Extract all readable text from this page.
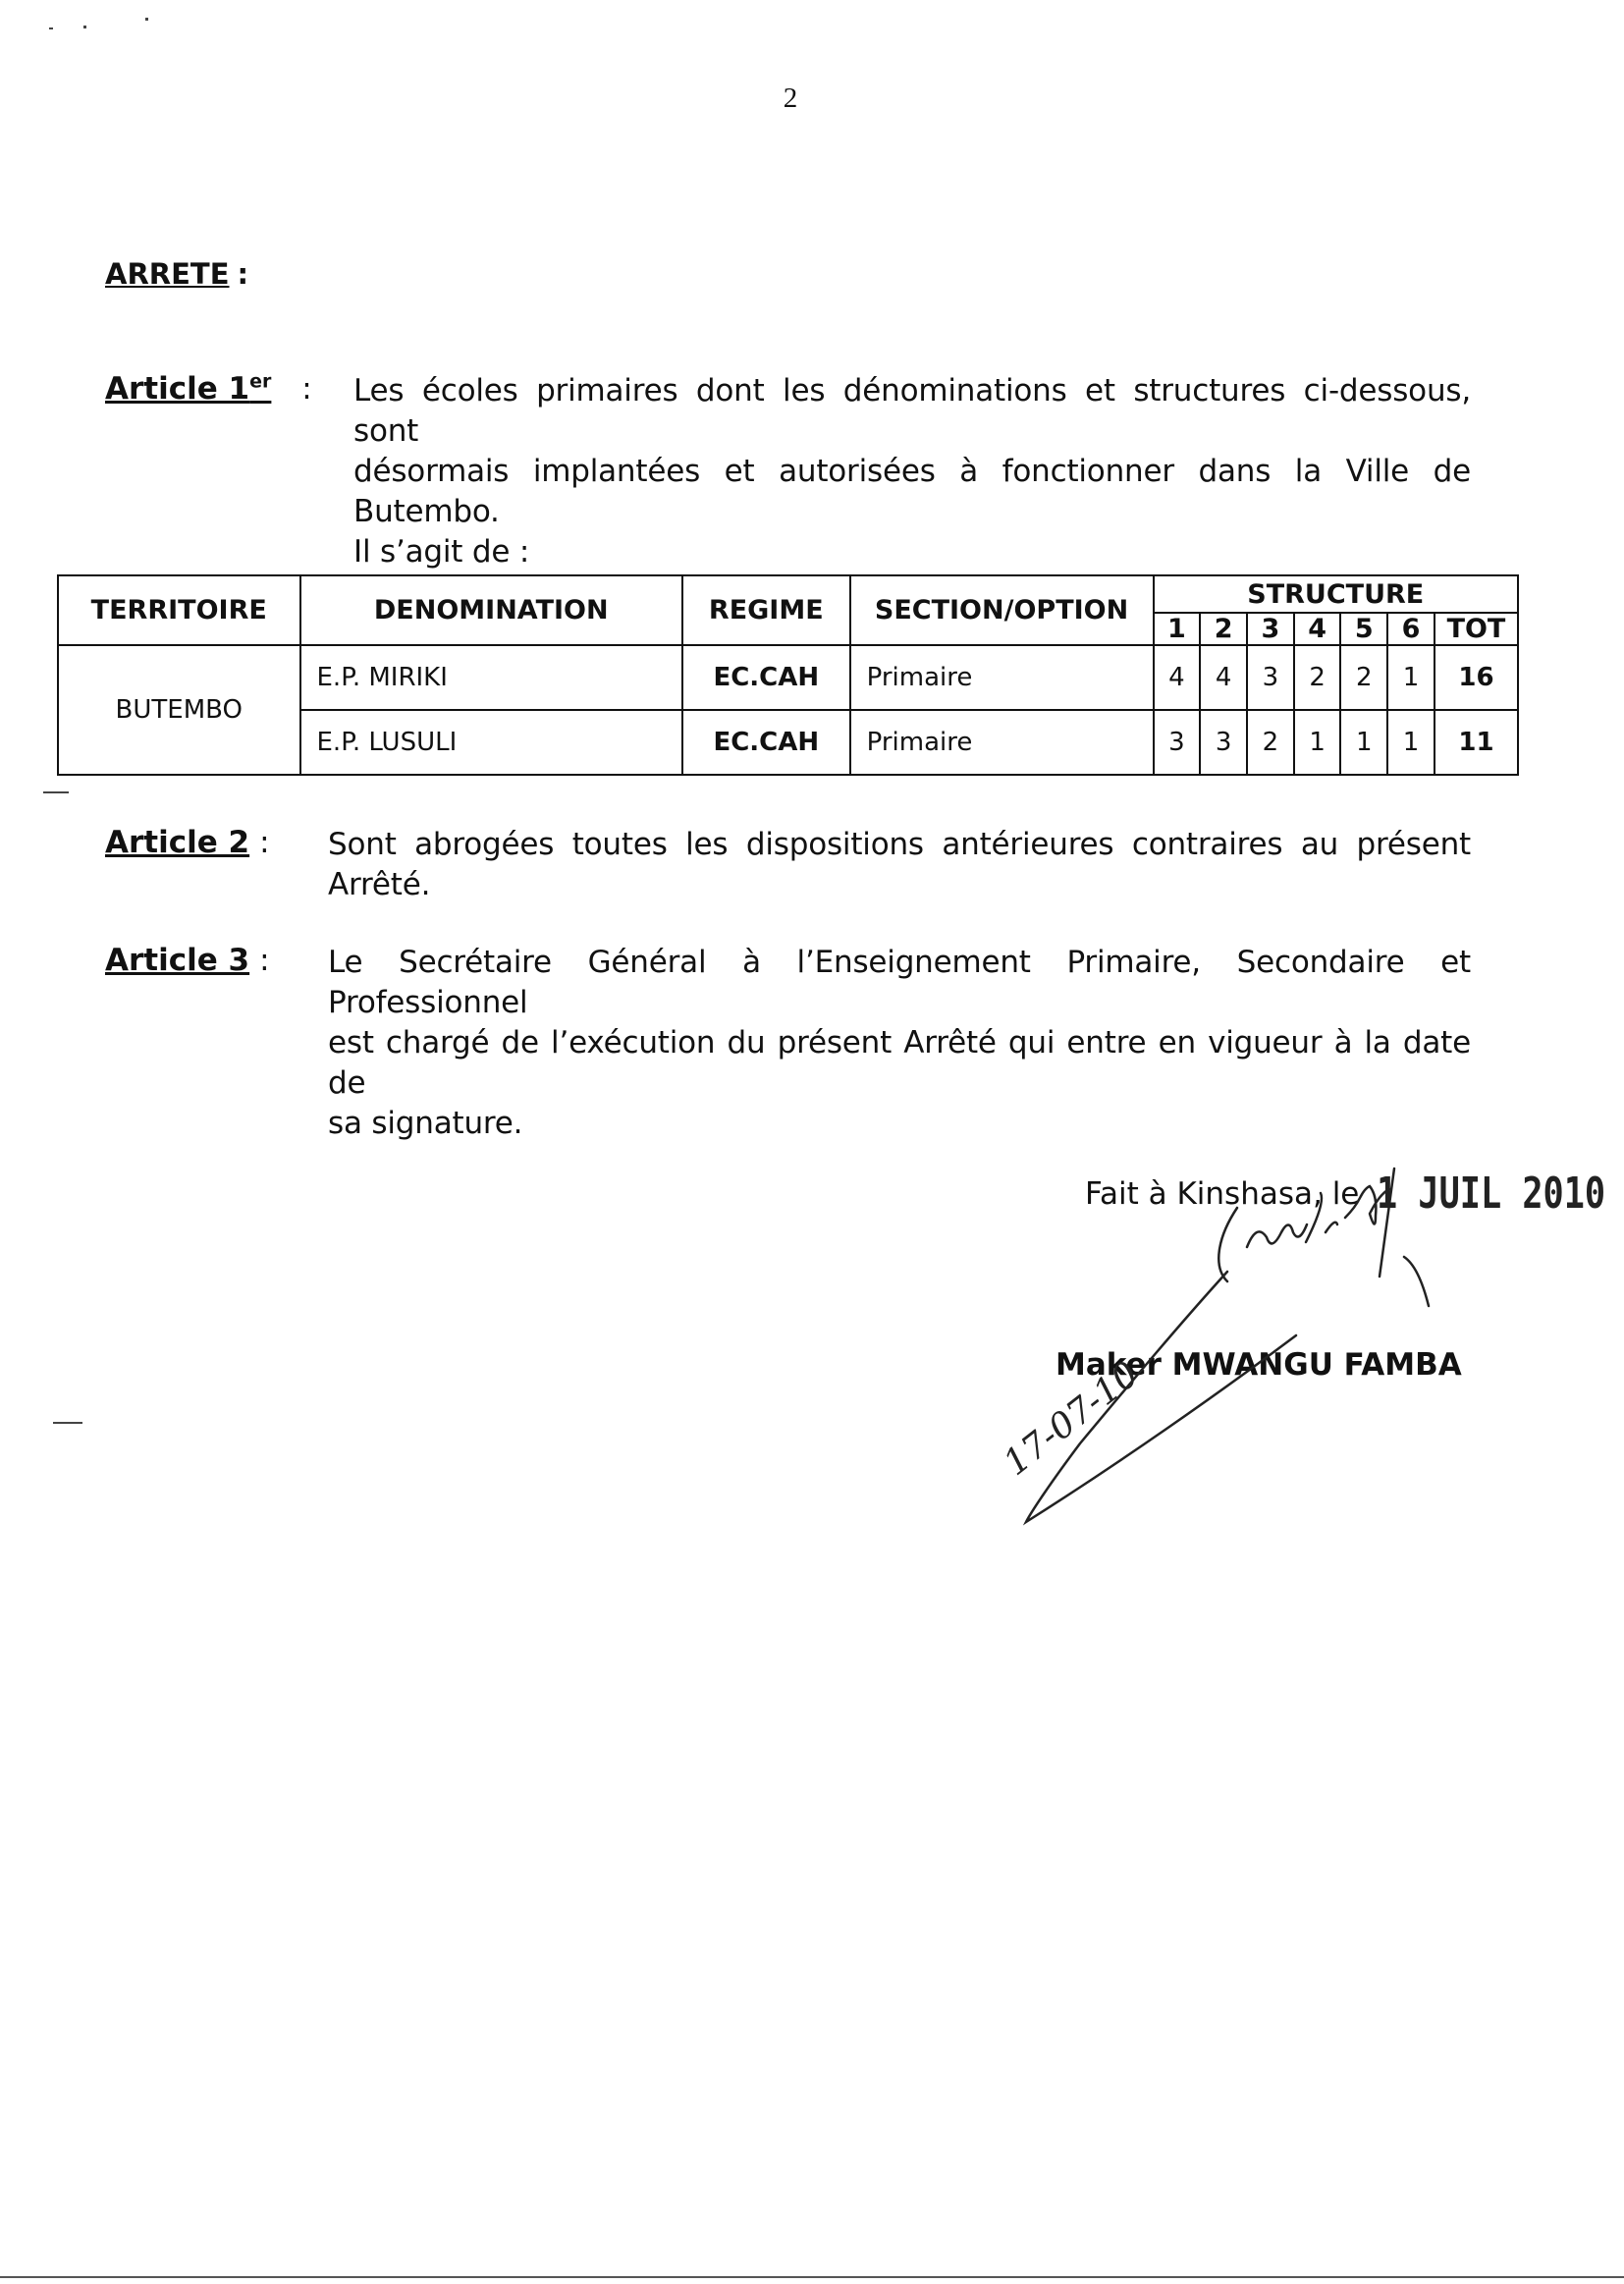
2
ARRETE :
Article 1er : Les écoles primaires dont les dénominations et structures ci-dessous, sont
désormais implantées et autorisées à fonctionner dans la Ville de Butembo.
Il s’agit de :
TERRITOIRE	DENOMINATION	REGIME	SECTION/OPTION	STRUCTURE						
				1	2	3	4	5	6	TOT
BUTEMBO	E.P. MIRIKI	EC.CAH	Primaire	4	4	3	2	2	1	16
	E.P. LUSULI	EC.CAH	Primaire	3	3	2	1	1	1	11
Article 2 : Sont abrogées toutes les dispositions antérieures contraires au présent
Arrêté.
Article 3 : Le Secrétaire Général à l’Enseignement Primaire, Secondaire et Professionnel
est chargé de l’exécution du présent Arrêté qui entre en vigueur à la date de
sa signature.
Fait à Kinshasa, le 1 JUIL 2010
Maker MWANGU FAMBA
17-07-10
